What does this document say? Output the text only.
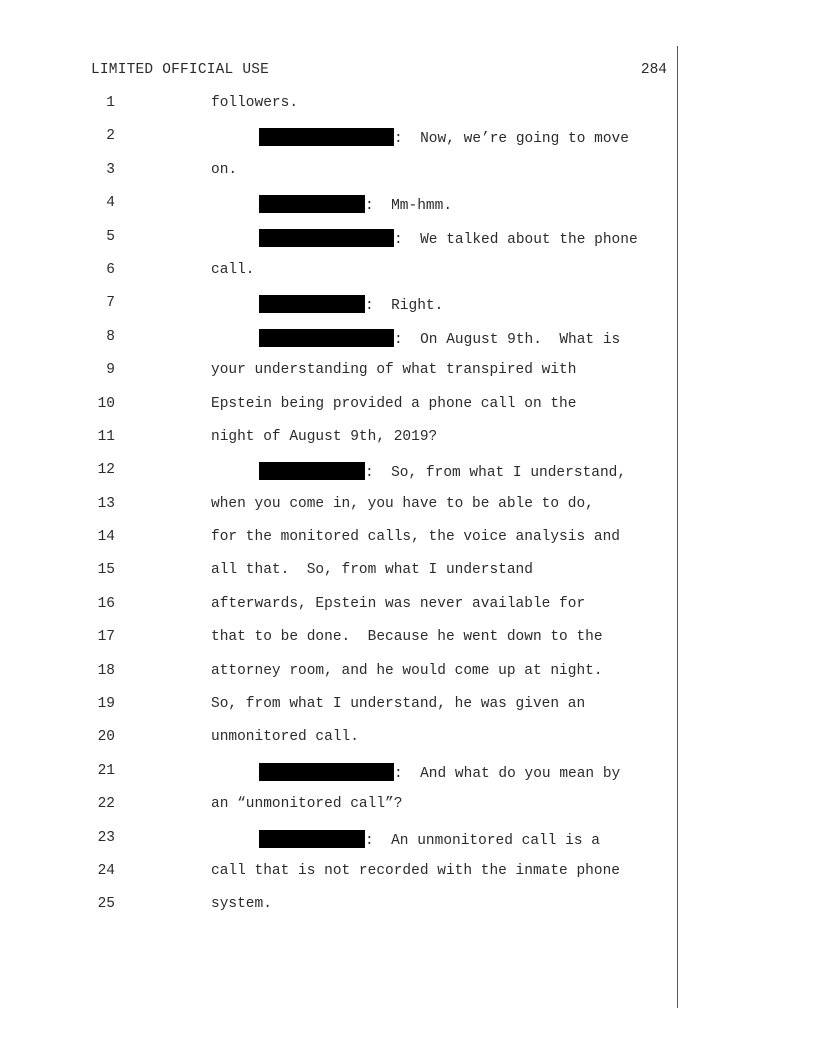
LIMITED OFFICIAL USE	284

1

	followers.

2

	:  Now, we’re going to move

3

	on.

4

	:  Mm-hmm.

5

	:  We talked about the phone

6

	call.

7

	:  Right.

8

	:  On August 9th.  What is

9

	your understanding of what transpired with

10

	Epstein being provided a phone call on the

11

	night of August 9th, 2019?

12

	:  So, from what I understand,

13

	when you come in, you have to be able to do,

14

	for the monitored calls, the voice analysis and

15

	all that.  So, from what I understand

16

	afterwards, Epstein was never available for

17

	that to be done.  Because he went down to the

18

	attorney room, and he would come up at night.

19

	So, from what I understand, he was given an

20

	unmonitored call.

21

	:  And what do you mean by

22

	an “unmonitored call”?

23

	:  An unmonitored call is a

24

	call that is not recorded with the inmate phone

25

	system.
